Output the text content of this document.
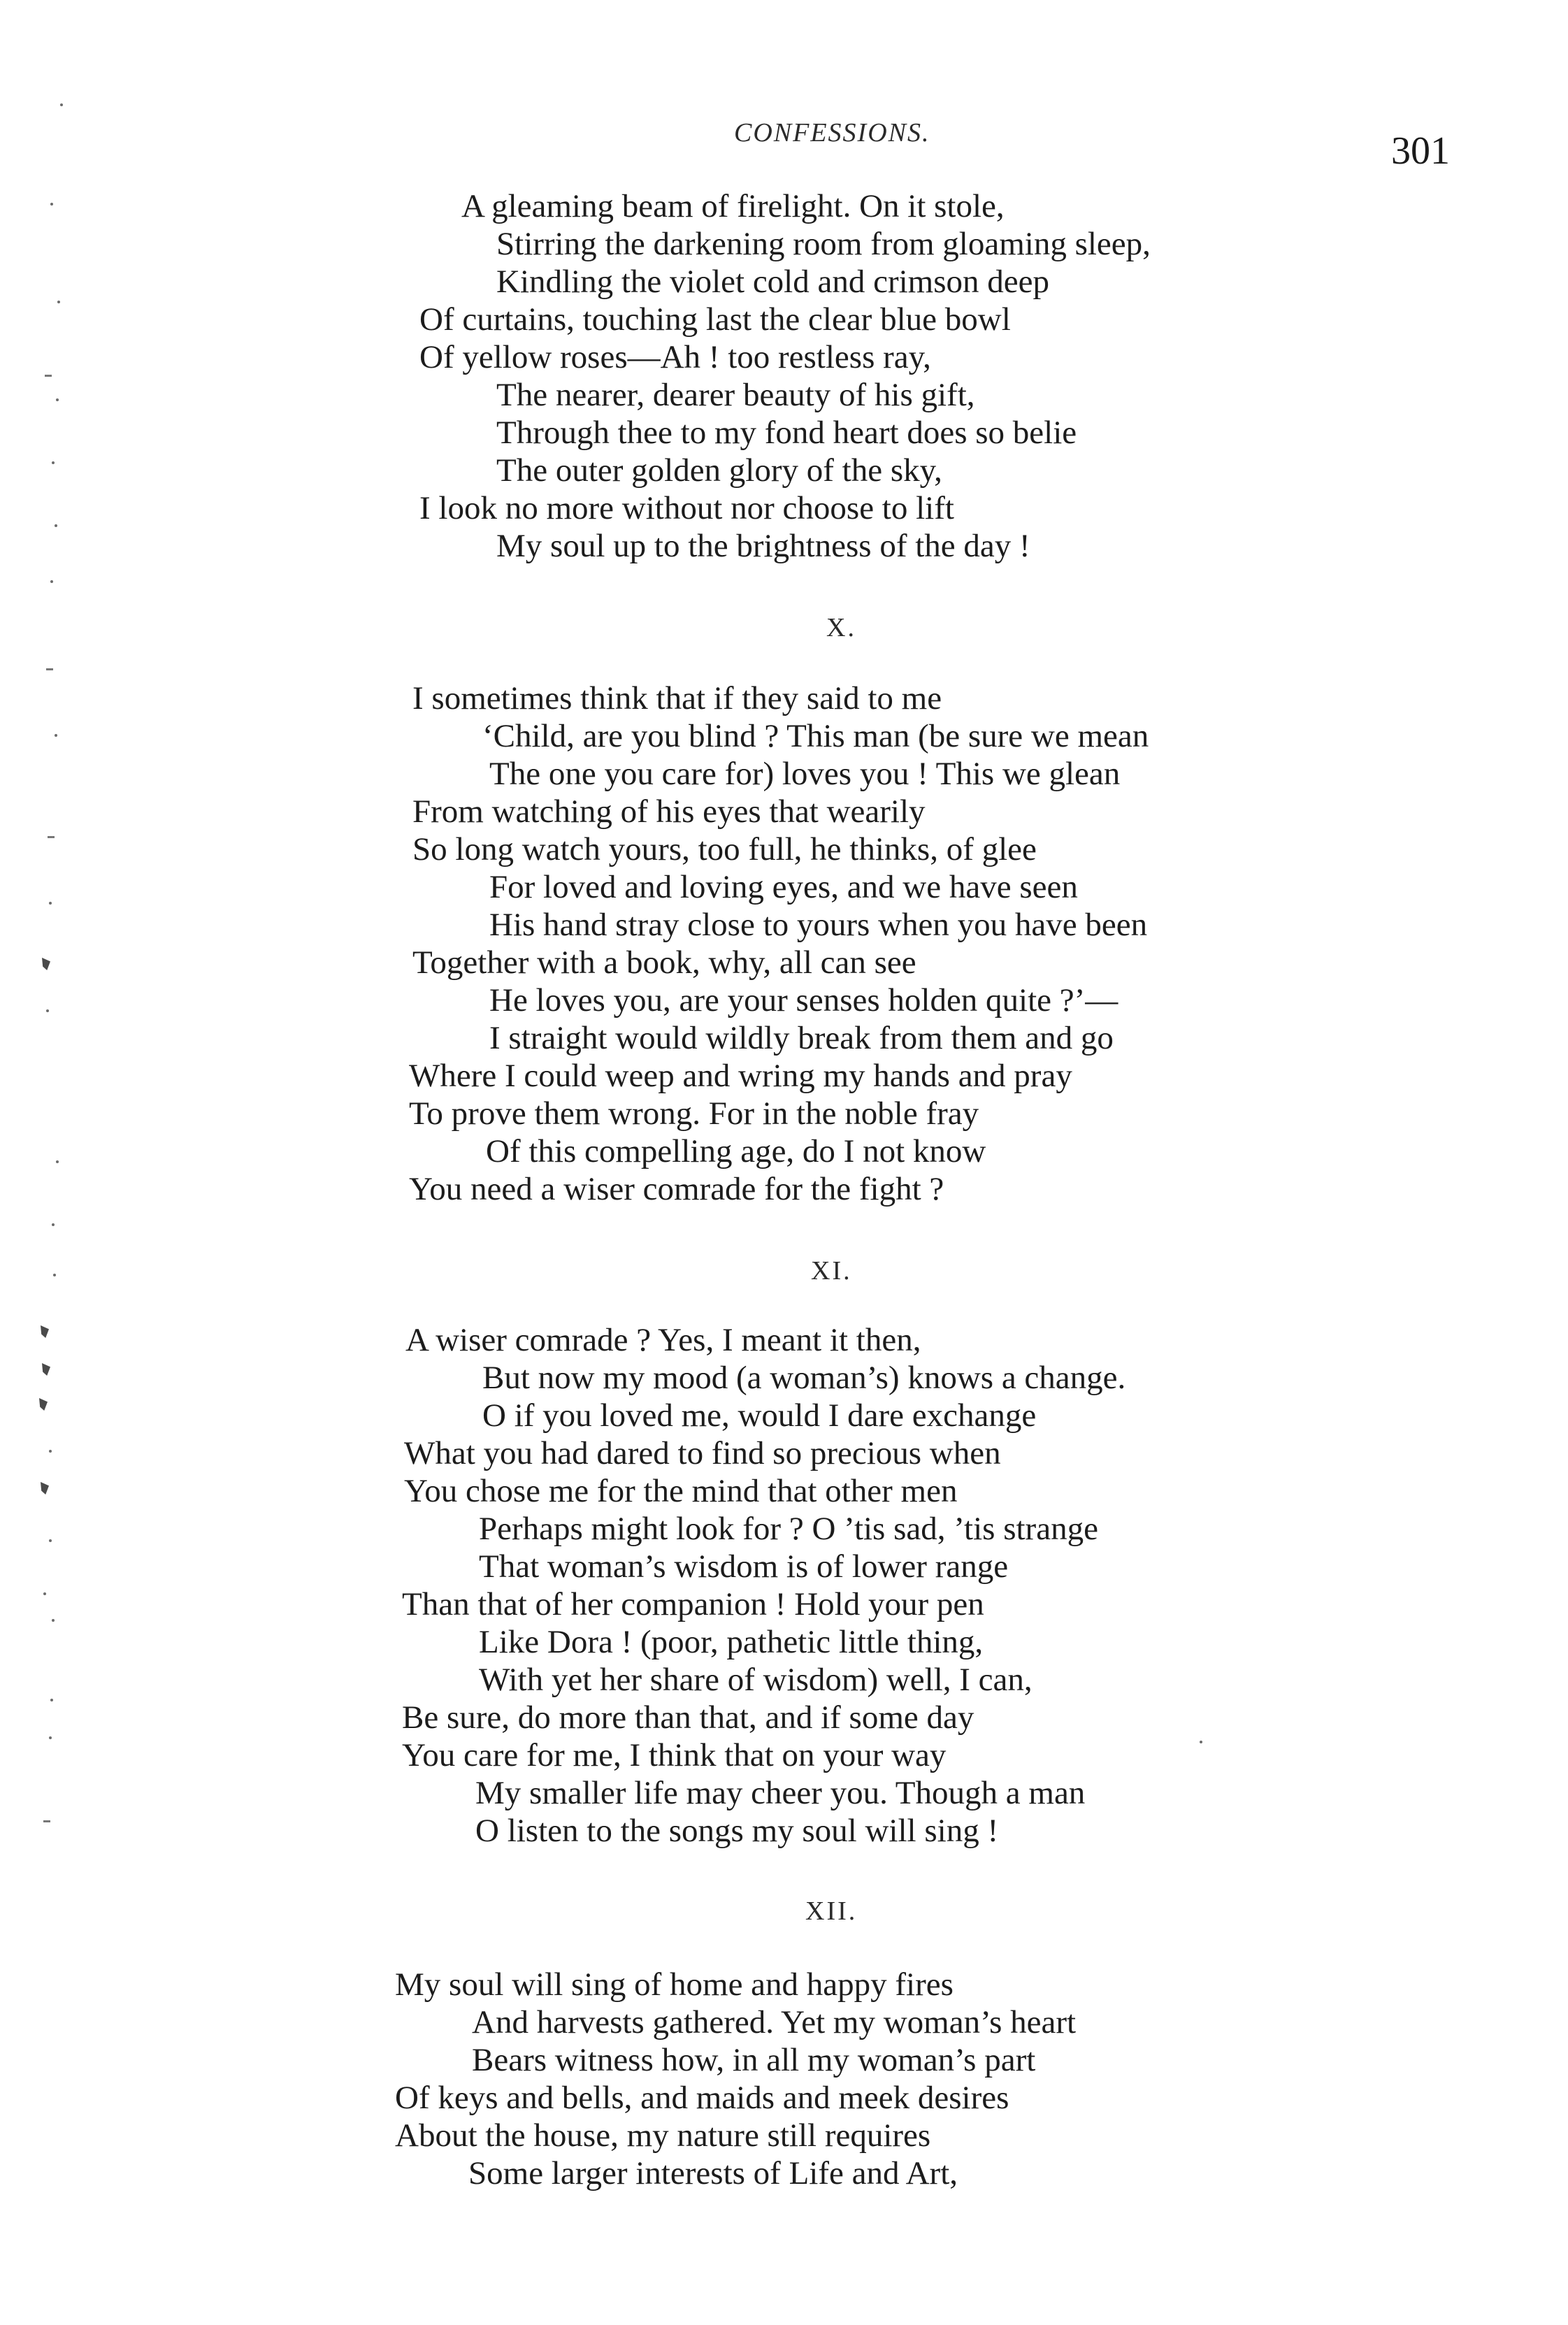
CONFESSIONS.	301
A gleaming beam of firelight. On it stole,
Stirring the darkening room from gloaming sleep,
Kindling the violet cold and crimson deep
Of curtains, touching last the clear blue bowl
Of yellow roses—Ah ! too restless ray,
The nearer, dearer beauty of his gift,
Through thee to my fond heart does so belie
The outer golden glory of the sky,
I look no more without nor choose to lift
My soul up to the brightness of the day !
X.
I sometimes think that if they said to me
‘Child, are you blind ? This man (be sure we mean
The one you care for) loves you ! This we glean
From watching of his eyes that wearily
So long watch yours, too full, he thinks, of glee
For loved and loving eyes, and we have seen
His hand stray close to yours when you have been
Together with a book, why, all can see
He loves you, are your senses holden quite ?’—
I straight would wildly break from them and go
Where I could weep and wring my hands and pray
To prove them wrong. For in the noble fray
Of this compelling age, do I not know
You need a wiser comrade for the fight ?
XI.
A wiser comrade ? Yes, I meant it then,
But now my mood (a woman’s) knows a change.
O if you loved me, would I dare exchange
What you had dared to find so precious when
You chose me for the mind that other men
Perhaps might look for ? O ’tis sad, ’tis strange
That woman’s wisdom is of lower range
Than that of her companion ! Hold your pen
Like Dora ! (poor, pathetic little thing,
With yet her share of wisdom) well, I can,
Be sure, do more than that, and if some day
You care for me, I think that on your way
My smaller life may cheer you. Though a man
O listen to the songs my soul will sing !
XII.
My soul will sing of home and happy fires
And harvests gathered. Yet my woman’s heart
Bears witness how, in all my woman’s part
Of keys and bells, and maids and meek desires
About the house, my nature still requires
Some larger interests of Life and Art,
